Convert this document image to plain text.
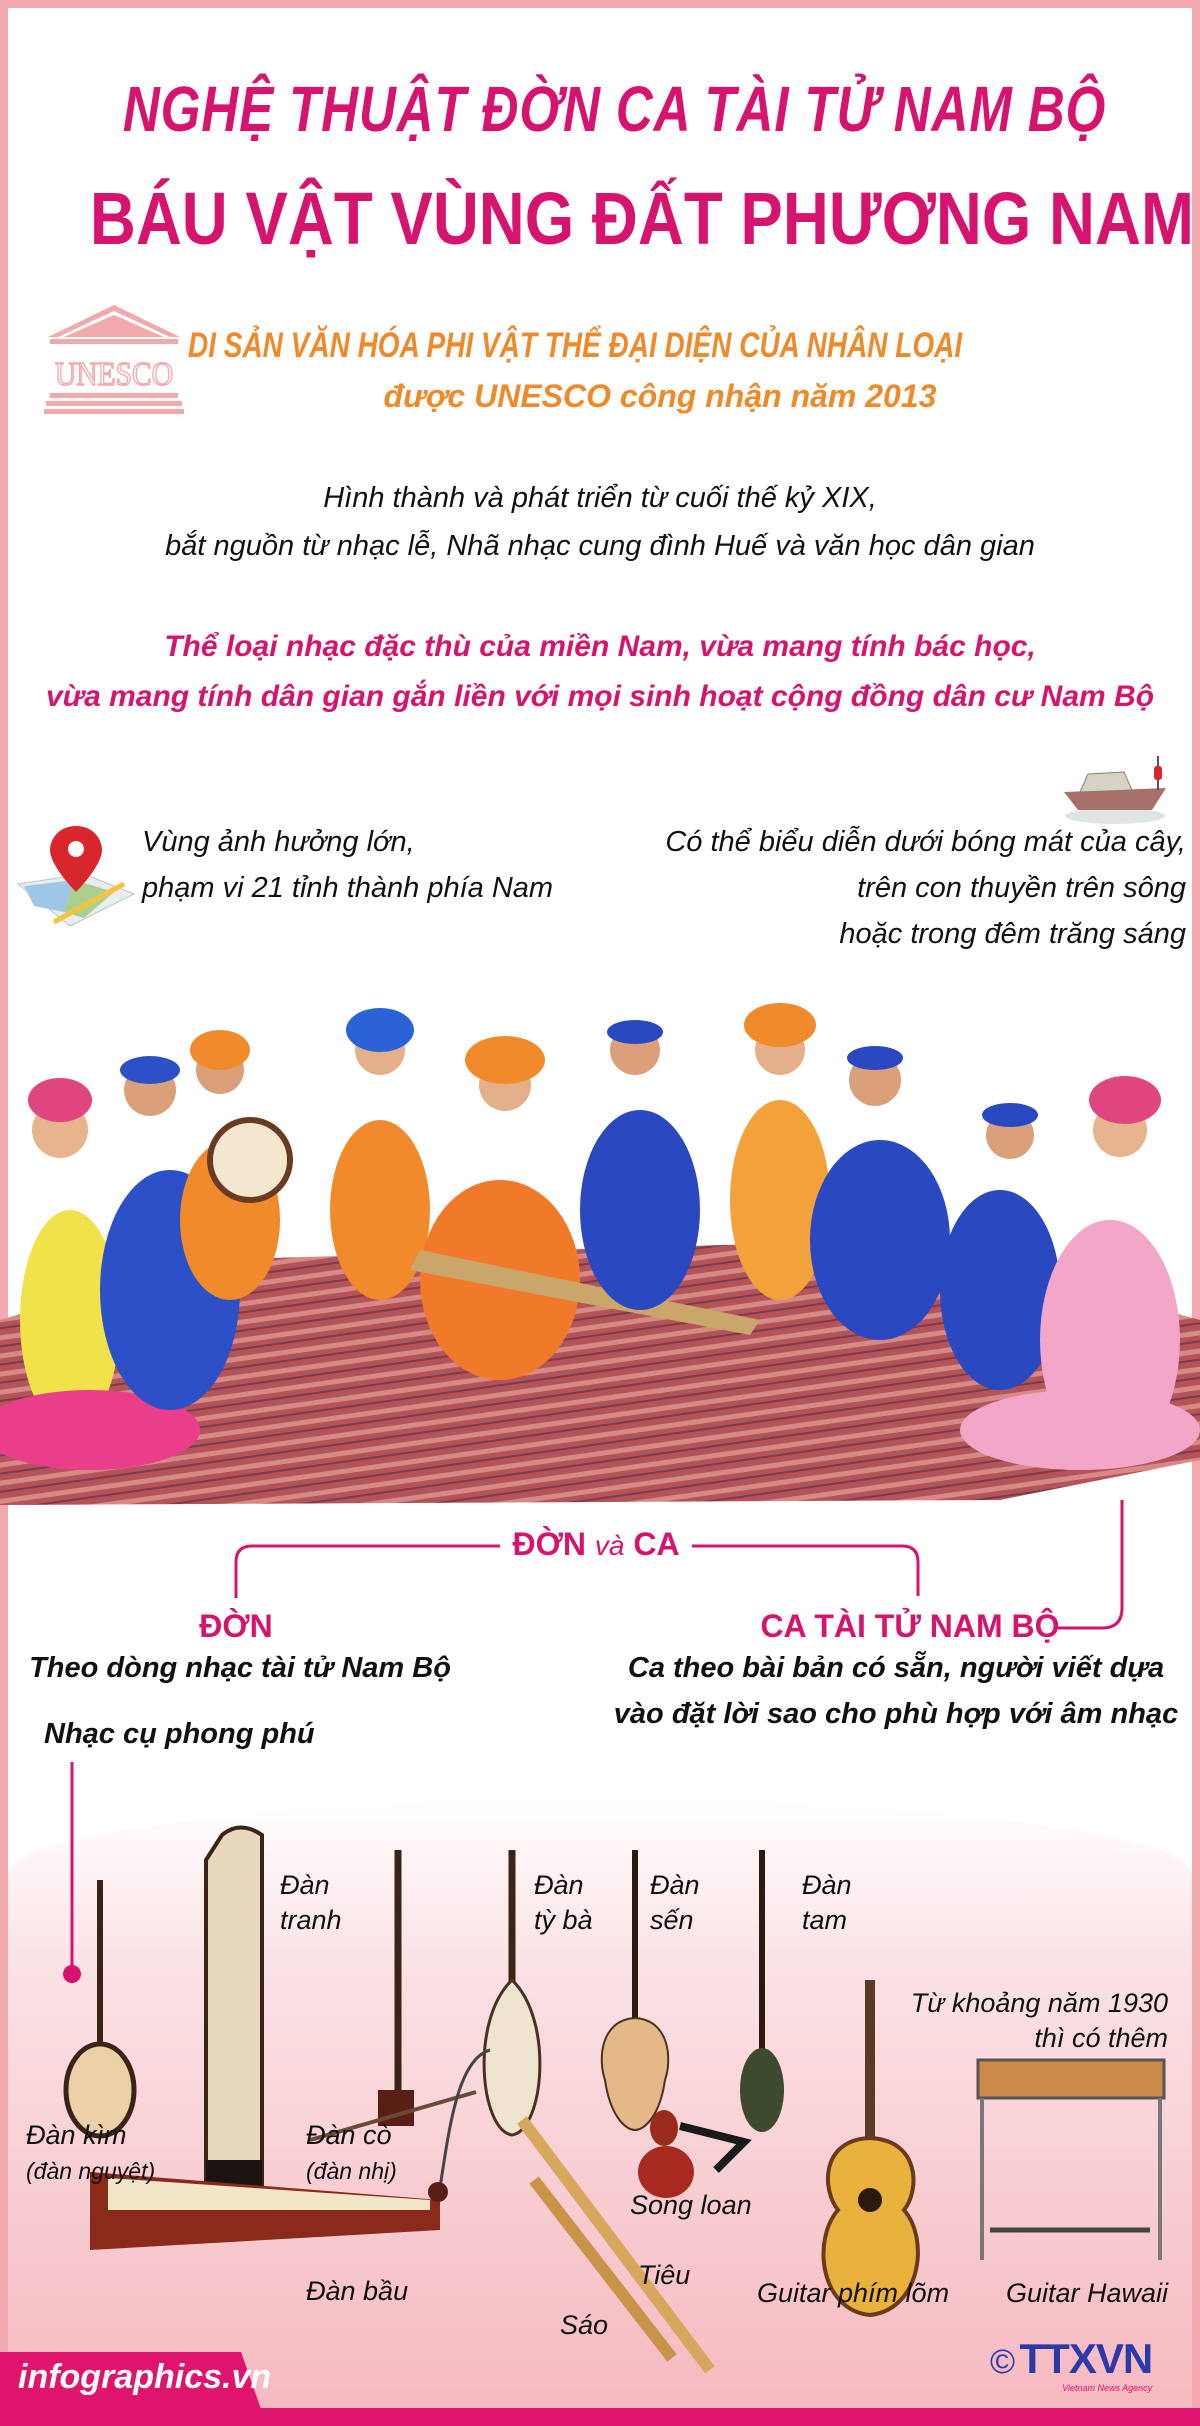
NGHỆ THUẬT ĐỜN CA TÀI TỬ NAM BỘ
BÁU VẬT VÙNG ĐẤT PHƯƠNG NAM
UNESCO
DI SẢN VĂN HÓA PHI VẬT THỂ ĐẠI DIỆN CỦA NHÂN LOẠI
được UNESCO công nhận năm 2013
Hình thành và phát triển từ cuối thế kỷ XIX,
bắt nguồn từ nhạc lễ, Nhã nhạc cung đình Huế và văn học dân gian
Thể loại nhạc đặc thù của miền Nam, vừa mang tính bác học,
vừa mang tính dân gian gắn liền với mọi sinh hoạt cộng đồng dân cư Nam Bộ
Vùng ảnh hưởng lớn,
phạm vi 21 tỉnh thành phía Nam
Có thể biểu diễn dưới bóng mát của cây,
trên con thuyền trên sông
hoặc trong đêm trăng sáng
ĐỜN và CA
ĐỜN	CA TÀI TỬ NAM BỘ
Theo dòng nhạc tài tử Nam Bộ	Ca theo bài bản có sẵn, người viết dựa
vào đặt lời sao cho phù hợp với âm nhạc
Nhạc cụ phong phú
Đàn kìm
(đàn nguyệt)
Đàn
tranh
Đàn cò
(đàn nhị)
Đàn
tỳ bà
Đàn
sến
Đàn
tam
Từ khoảng năm 1930
thì có thêm
Song loan
Tiêu
Sáo
Đàn bầu	Guitar phím lõm Guitar Hawaii
© TTXVN
Vietnam News Agency
infographics.vn
